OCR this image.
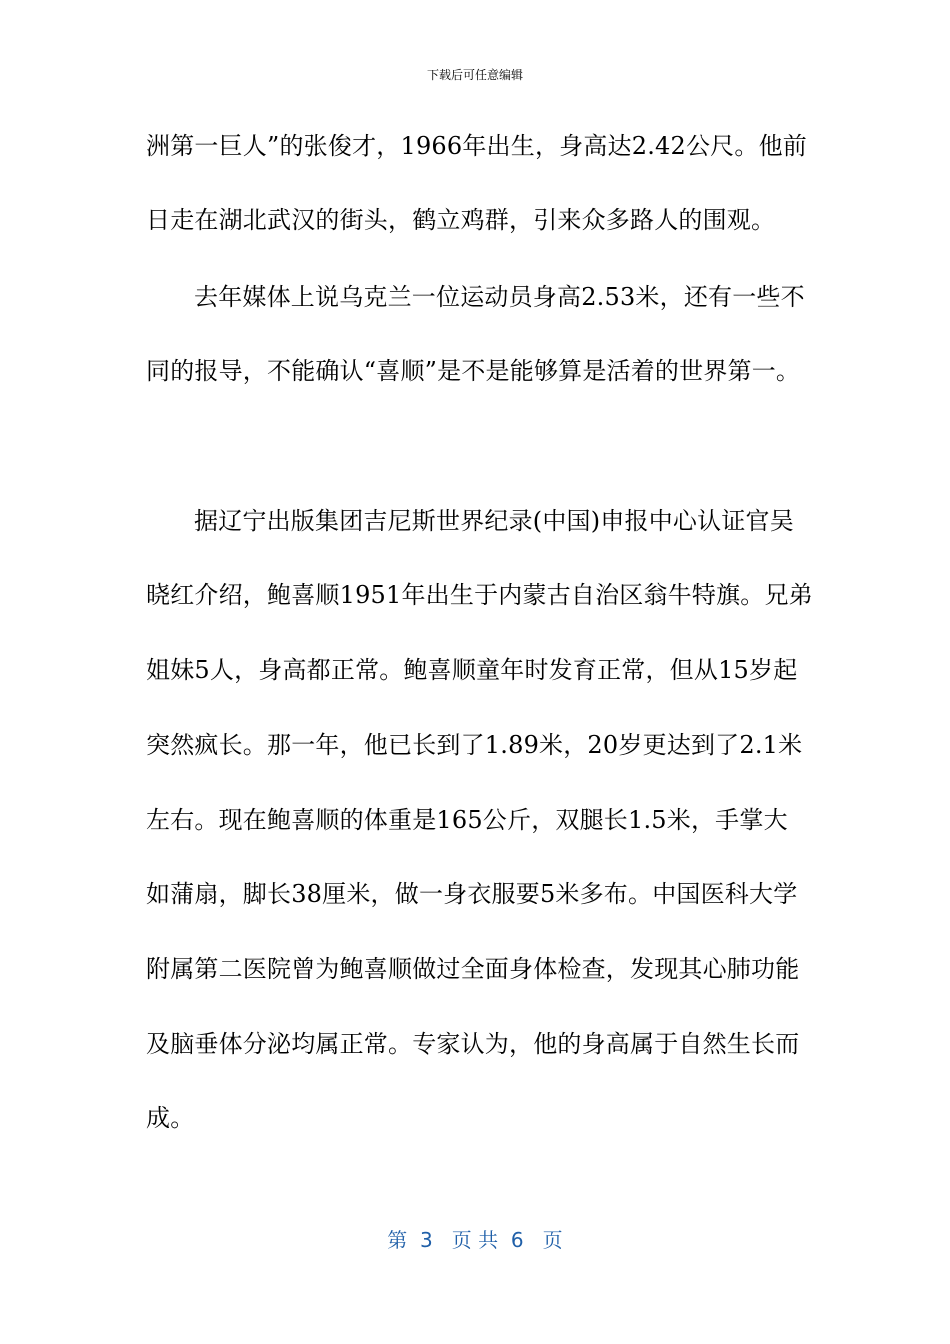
下载后可任意编辑
洲第一巨人”的张俊才，1966年出生，身高达2.42公尺。他前
日走在湖北武汉的街头，鹤立鸡群，引来众多路人的围观。
去年媒体上说乌克兰一位运动员身高2.53米，还有一些不
同的报导，不能确认“喜顺”是不是能够算是活着的世界第一。
据辽宁出版集团吉尼斯世界纪录(中国)申报中心认证官吴
晓红介绍，鲍喜顺1951年出生于内蒙古自治区翁牛特旗。兄弟
姐妹5人，身高都正常。鲍喜顺童年时发育正常，但从15岁起
突然疯长。那一年，他已长到了1.89米，20岁更达到了2.1米
左右。现在鲍喜顺的体重是165公斤，双腿长1.5米，手掌大
如蒲扇，脚长38厘米，做一身衣服要5米多布。中国医科大学
附属第二医院曾为鲍喜顺做过全面身体检查，发现其心肺功能
及脑垂体分泌均属正常。专家认为，他的身高属于自然生长而
成。
第  3   页 共  6   页
